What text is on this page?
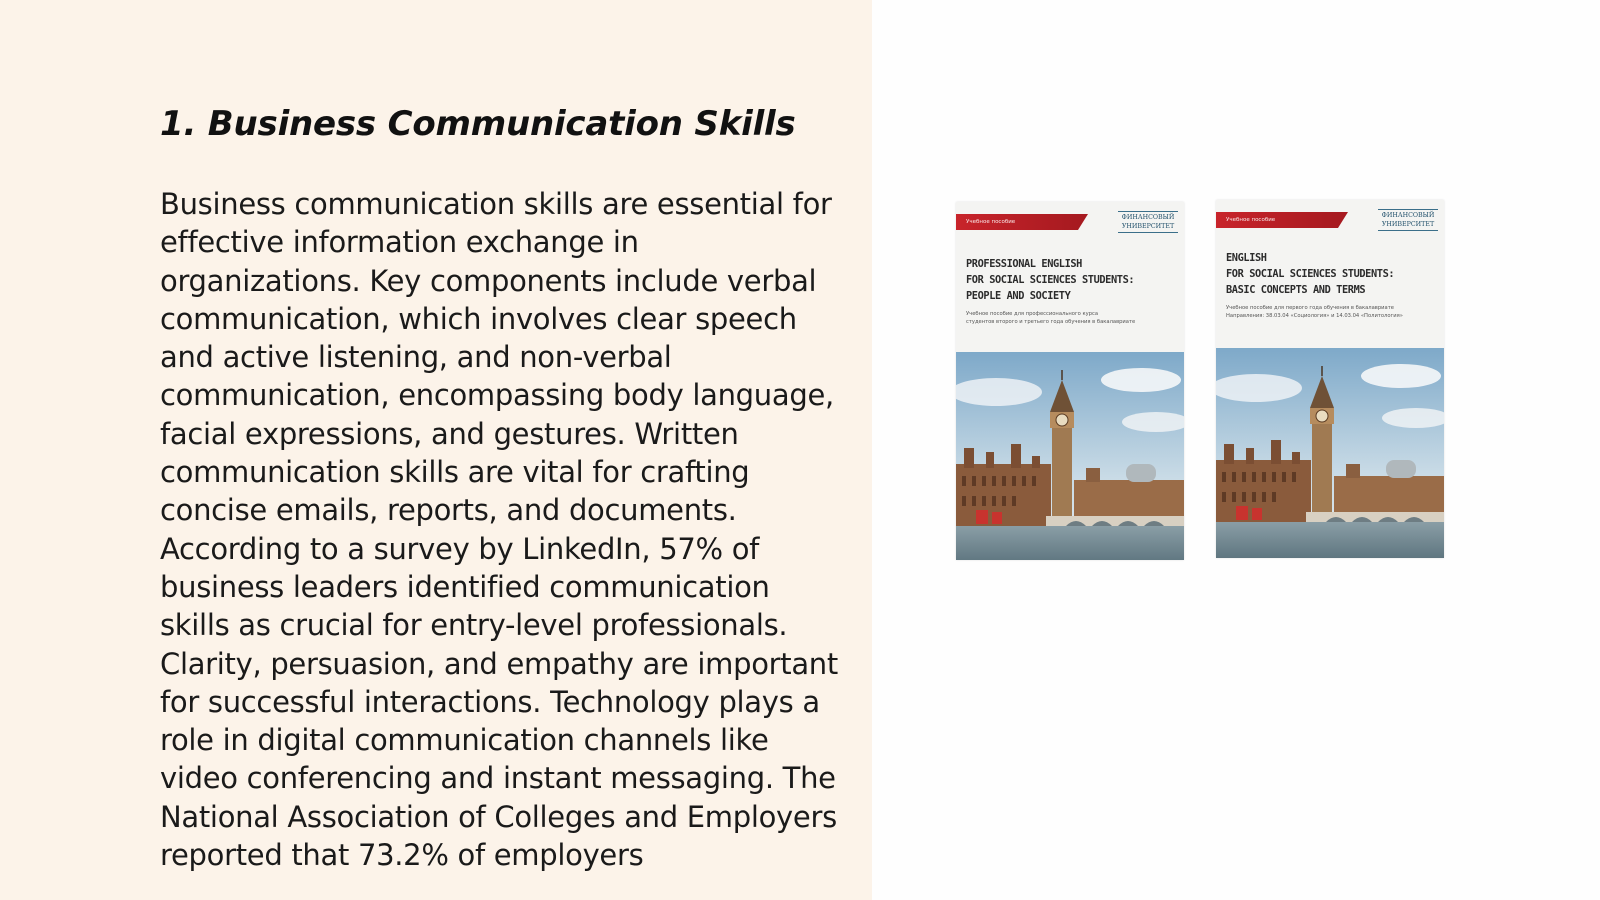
1. Business Communication Skills

Business communication skills are essential for effective information exchange in organizations. Key components include verbal communication, which involves clear speech and active listening, and non-verbal communication, encompassing body language, facial expressions, and gestures. Written communication skills are vital for crafting concise emails, reports, and documents. According to a survey by LinkedIn, 57% of business leaders identified communication skills as crucial for entry-level professionals. Clarity, persuasion, and empathy are important for successful interactions. Technology plays a role in digital communication channels like video conferencing and instant messaging. The National Association of Colleges and Employers reported that 73.2% of employers

Учебное пособие
ФИНАНСОВЫЙ УНИВЕРСИТЕТ
PROFESSIONAL ENGLISH
FOR SOCIAL SCIENCES STUDENTS:
PEOPLE AND SOCIETY
Учебное пособие для профессионального курса
студентов второго и третьего года обучения в бакалавриате
Учебное пособие
ФИНАНСОВЫЙ УНИВЕРСИТЕТ
ENGLISH
FOR SOCIAL SCIENCES STUDENTS:
BASIC CONCEPTS AND TERMS
Учебное пособие для первого года обучения в бакалавриате
Направления: 38.03.04 «Социология» и 14.03.04 «Политология»
